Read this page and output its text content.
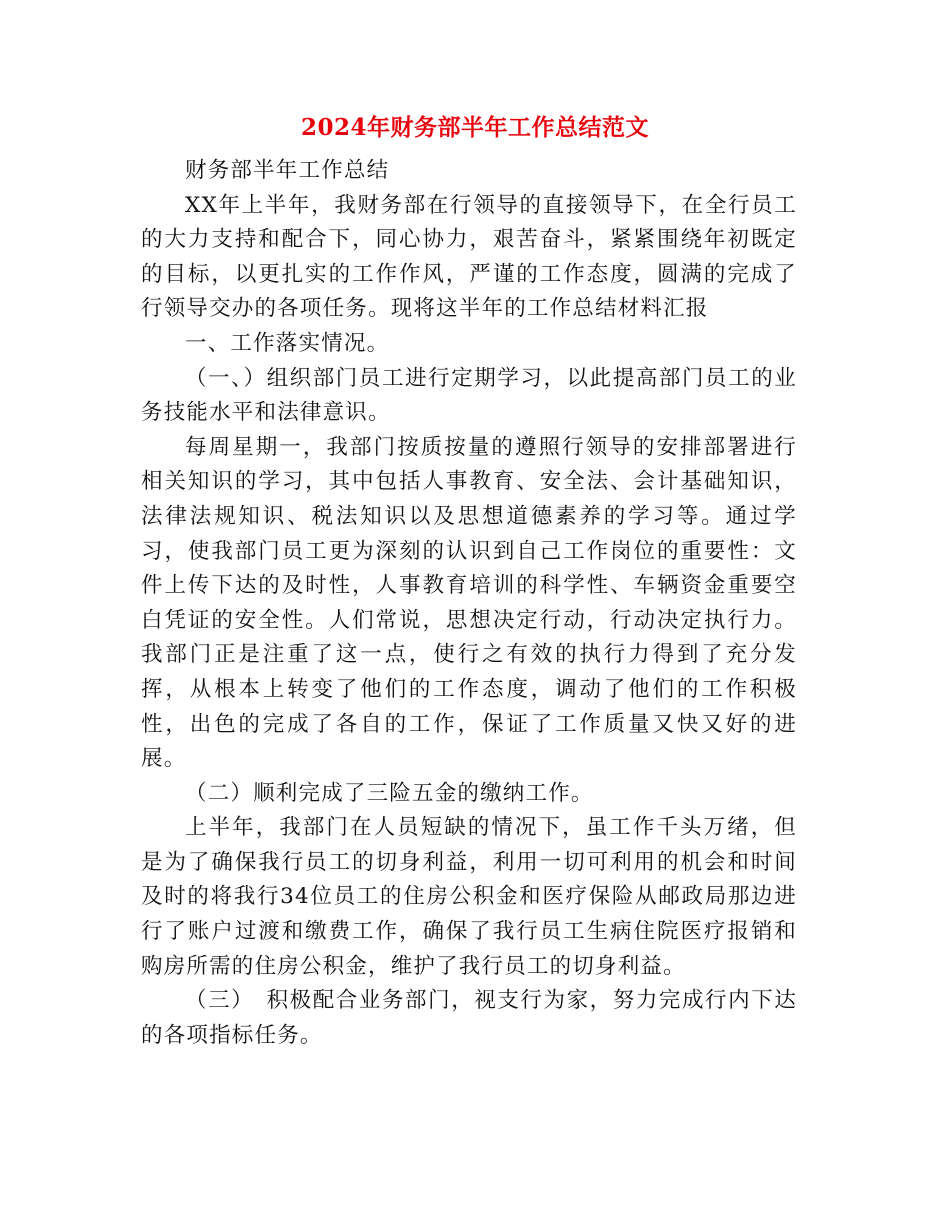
2024年财务部半年工作总结范文

财务部半年工作总结

XX年上半年，我财务部在行领导的直接领导下，在全行员工的大力支持和配合下，同心协力，艰苦奋斗，紧紧围绕年初既定的目标，以更扎实的工作作风，严谨的工作态度，圆满的完成了行领导交办的各项任务。现将这半年的工作总结材料汇报

一、工作落实情况。

（一、）组织部门员工进行定期学习，以此提高部门员工的业务技能水平和法律意识。

每周星期一，我部门按质按量的遵照行领导的安排部署进行相关知识的学习，其中包括人事教育、安全法、会计基础知识，法律法规知识、税法知识以及思想道德素养的学习等。通过学习，使我部门员工更为深刻的认识到自己工作岗位的重要性：文件上传下达的及时性，人事教育培训的科学性、车辆资金重要空白凭证的安全性。人们常说，思想决定行动，行动决定执行力。我部门正是注重了这一点，使行之有效的执行力得到了充分发挥，从根本上转变了他们的工作态度，调动了他们的工作积极性，出色的完成了各自的工作，保证了工作质量又快又好的进展。

（二）顺利完成了三险五金的缴纳工作。

上半年，我部门在人员短缺的情况下，虽工作千头万绪，但是为了确保我行员工的切身利益，利用一切可利用的机会和时间及时的将我行34位员工的住房公积金和医疗保险从邮政局那边进行了账户过渡和缴费工作，确保了我行员工生病住院医疗报销和购房所需的住房公积金，维护了我行员工的切身利益。

（三）　积极配合业务部门，视支行为家，努力完成行内下达的各项指标任务。
